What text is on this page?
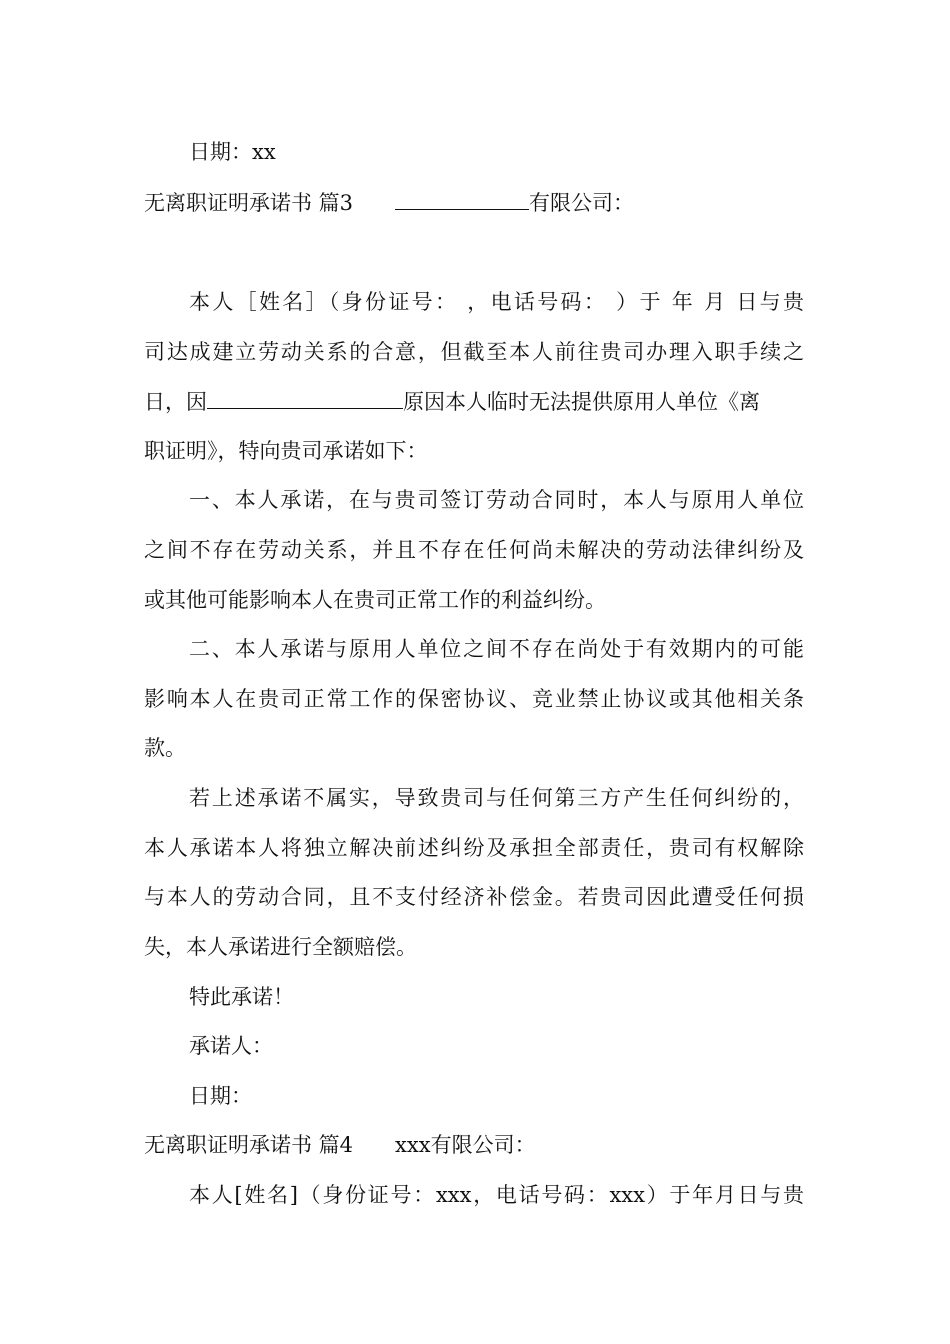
日期：xx
无离职证明承诺书 篇3	有限公司：
本人［姓名］（身份证号： ，电话号码： ）于 年 月 日与贵
司达成建立劳动关系的合意，但截至本人前往贵司办理入职手续之
日，因	原因本人临时无法提供原用人单位《离
职证明》，特向贵司承诺如下：
一、本人承诺，在与贵司签订劳动合同时，本人与原用人单位
之间不存在劳动关系，并且不存在任何尚未解决的劳动法律纠纷及
或其他可能影响本人在贵司正常工作的利益纠纷。
二、本人承诺与原用人单位之间不存在尚处于有效期内的可能
影响本人在贵司正常工作的保密协议、竞业禁止协议或其他相关条
款。
若上述承诺不属实，导致贵司与任何第三方产生任何纠纷的，
本人承诺本人将独立解决前述纠纷及承担全部责任，贵司有权解除
与本人的劳动合同，且不支付经济补偿金。若贵司因此遭受任何损
失，本人承诺进行全额赔偿。
特此承诺！
承诺人：
日期：
无离职证明承诺书 篇4 xxx有限公司：
本人[姓名]（身份证号：xxx，电话号码：xxx）于年月日与贵
